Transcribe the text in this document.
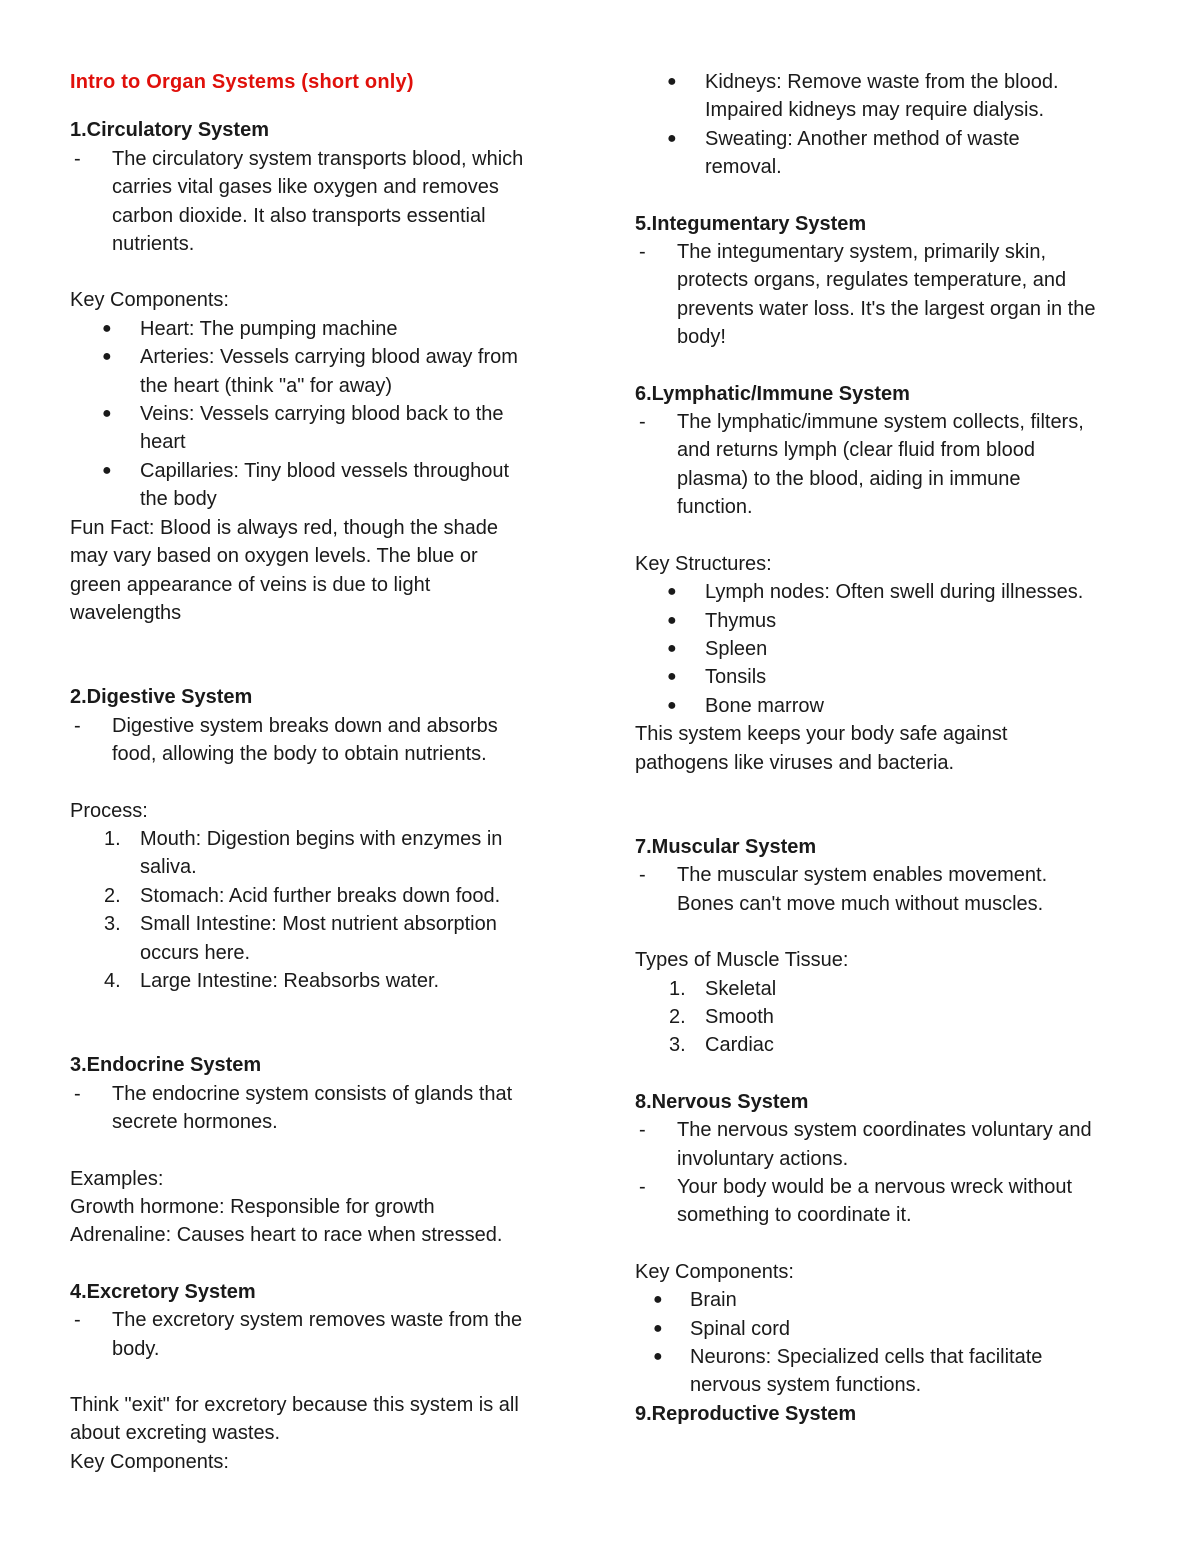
Intro to Organ Systems (short only)

1.Circulatory System

- The circulatory system transports blood, which
carries vital gases like oxygen and removes
carbon dioxide. It also transports essential
nutrients.

Key Components:

● Heart: The pumping machine
● Arteries: Vessels carrying blood away from
the heart (think "a" for away)
● Veins: Vessels carrying blood back to the
heart
● Capillaries: Tiny blood vessels throughout
the body
Fun Fact: Blood is always red, though the shade
may vary based on oxygen levels. The blue or
green appearance of veins is due to light
wavelengths

2.Digestive System

- Digestive system breaks down and absorbs
food, allowing the body to obtain nutrients.

Process:

1. Mouth: Digestion begins with enzymes in
saliva.
2. Stomach: Acid further breaks down food.
3. Small Intestine: Most nutrient absorption
occurs here.
4. Large Intestine: Reabsorbs water.

3.Endocrine System

- The endocrine system consists of glands that
secrete hormones.

Examples:

Growth hormone: Responsible for growth

Adrenaline: Causes heart to race when stressed.

4.Excretory System

- The excretory system removes waste from the
body.

Think "exit" for excretory because this system is all

about excreting wastes.

Key Components:

● Kidneys: Remove waste from the blood.
Impaired kidneys may require dialysis.
● Sweating: Another method of waste
removal.

5.Integumentary System

- The integumentary system, primarily skin,
protects organs, regulates temperature, and
prevents water loss. It's the largest organ in the
body!

6.Lymphatic/Immune System

- The lymphatic/immune system collects, filters,
and returns lymph (clear fluid from blood
plasma) to the blood, aiding in immune
function.

Key Structures:

● Lymph nodes: Often swell during illnesses.
● Thymus
● Spleen
● Tonsils
● Bone marrow

This system keeps your body safe against

pathogens like viruses and bacteria.

7.Muscular System

- The muscular system enables movement.
Bones can't move much without muscles.

Types of Muscle Tissue:

1. Skeletal
2. Smooth
3. Cardiac

8.Nervous System

- The nervous system coordinates voluntary and
involuntary actions.
- Your body would be a nervous wreck without
something to coordinate it.

Key Components:

● Brain
● Spinal cord
● Neurons: Specialized cells that facilitate
nervous system functions.

9.Reproductive System
